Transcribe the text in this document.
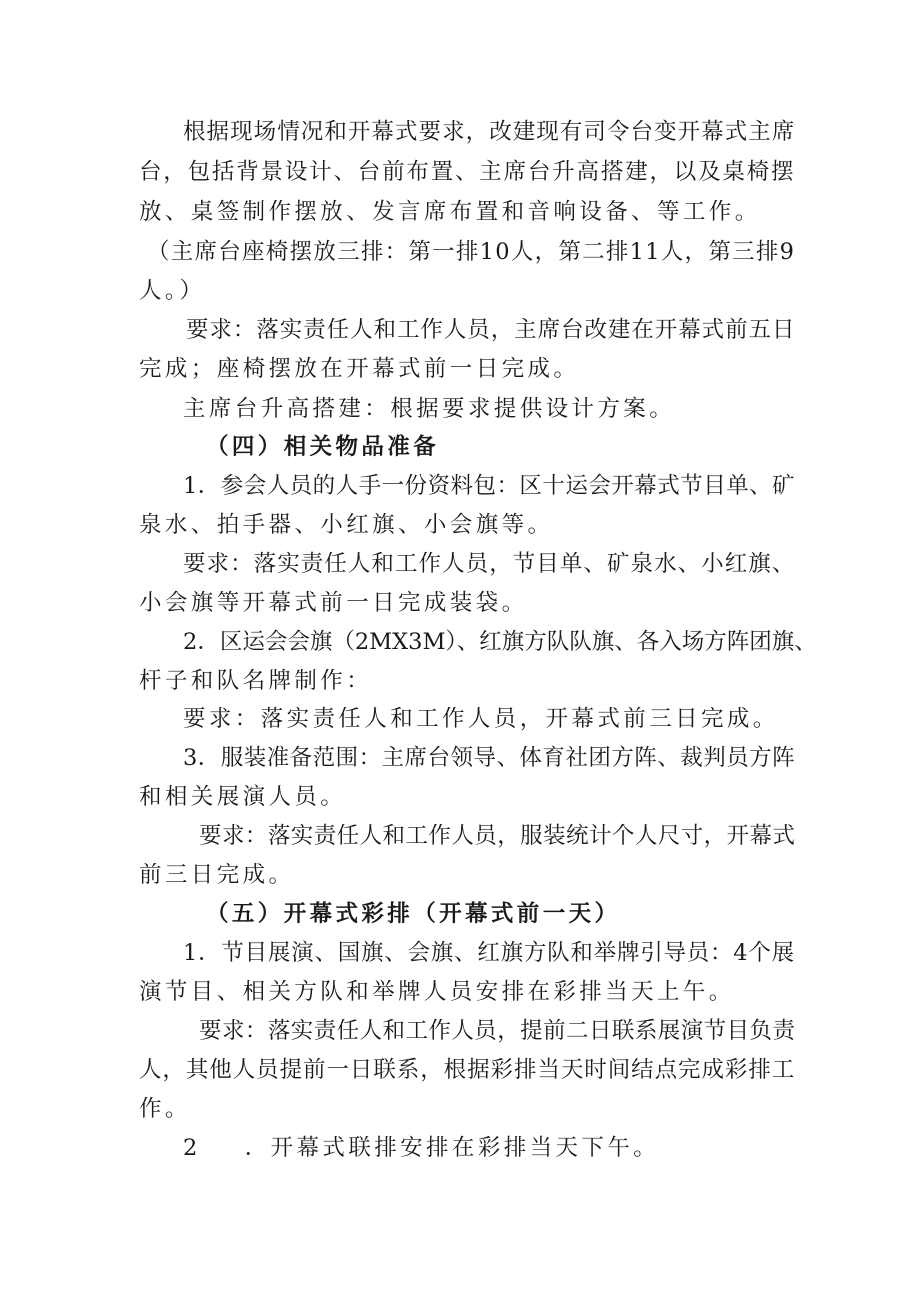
根据现场情况和开幕式要求，改建现有司令台变开幕式主席
台，包括背景设计、台前布置、主席台升高搭建，以及桌椅摆
放、桌签制作摆放、发言席布置和音响设备、等工作。
（主席台座椅摆放三排：第一排10人，第二排11人，第三排9
人。）
要求：落实责任人和工作人员，主席台改建在开幕式前五日
完成；座椅摆放在开幕式前一日完成。
主席台升高搭建：根据要求提供设计方案。
（四）相关物品准备
1．参会人员的人手一份资料包：区十运会开幕式节目单、矿
泉水、拍手器、小红旗、小会旗等。
要求：落实责任人和工作人员，节目单、矿泉水、小红旗、
小会旗等开幕式前一日完成装袋。
2．区运会会旗（2MX3M）、红旗方队队旗、各入场方阵团旗、
杆子和队名牌制作：
要求：落实责任人和工作人员，开幕式前三日完成。
3．服装准备范围：主席台领导、体育社团方阵、裁判员方阵
和相关展演人员。
要求：落实责任人和工作人员，服装统计个人尺寸，开幕式
前三日完成。
（五）开幕式彩排（开幕式前一天）
1．节目展演、国旗、会旗、红旗方队和举牌引导员：4个展
演节目、相关方队和举牌人员安排在彩排当天上午。
要求：落实责任人和工作人员，提前二日联系展演节目负责
人，其他人员提前一日联系，根据彩排当天时间结点完成彩排工
作。
2 ．开幕式联排安排在彩排当天下午。
